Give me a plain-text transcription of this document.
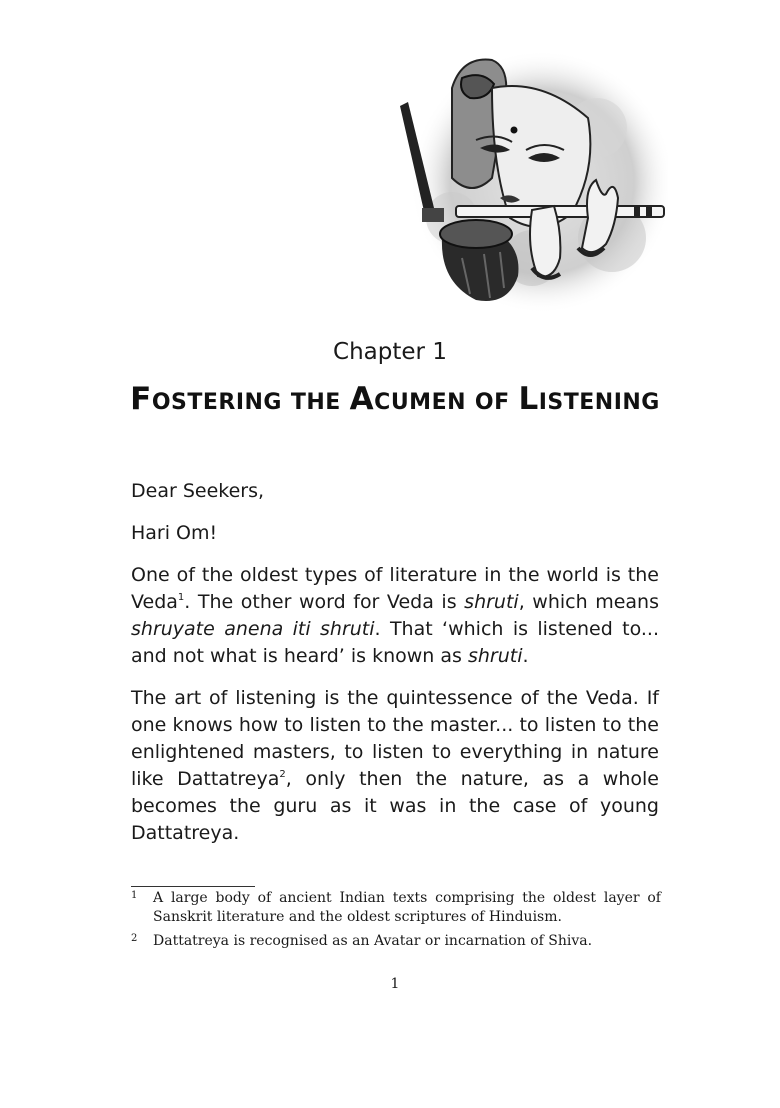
Chapter 1
FOSTERING THE ACUMEN OF LISTENING

Dear Seekers,

Hari Om!

One of the oldest types of literature in the world is the Veda$^1$. The other word for Veda is shruti, which means shruyate anena iti shruti. That ‘which is listened to... and not what is heard’ is known as shruti.

The art of listening is the quintessence of the Veda. If one knows how to listen to the master... to listen to the enlightened masters, to listen to everything in nature like Dattatreya$^2$, only then the nature, as a whole becomes the guru as it was in the case of young Dattatreya.

1	A large body of ancient Indian texts comprising the oldest layer of Sanskrit literature and the oldest scriptures of Hinduism.
2	Dattatreya is recognised as an Avatar or incarnation of Shiva.
1
